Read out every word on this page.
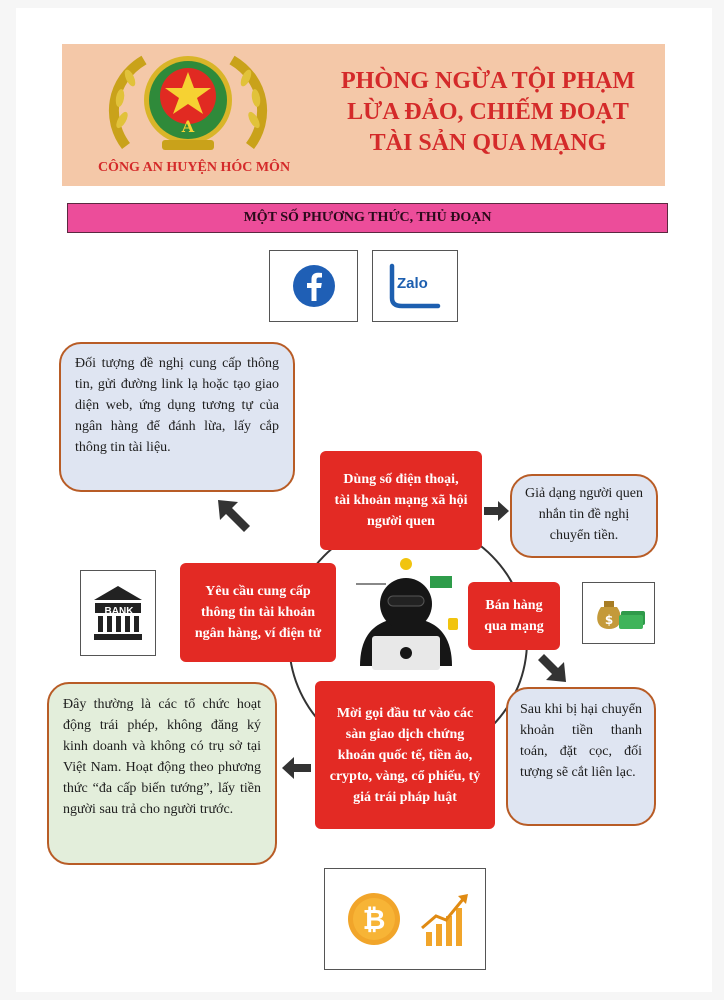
A
CÔNG AN HUYỆN HÓC MÔN
PHÒNG NGỪA TỘI PHẠM
LỪA ĐẢO, CHIẾM ĐOẠT
TÀI SẢN QUA MẠNG
MỘT SỐ PHƯƠNG THỨC, THỦ ĐOẠN
Zalo
Đối tượng đề nghị cung cấp thông tin, gửi đường link lạ hoặc tạo giao diện web, ứng dụng tương tự của ngân hàng để đánh lừa, lấy cắp thông tin tài liệu.
Dùng số điện thoại, tài khoản mạng xã hội người quen
Yêu cầu cung cấp thông tin tài khoản ngân hàng, ví điện tử
Bán hàng qua mạng
Mời gọi đầu tư vào các sàn giao dịch chứng khoán quốc tế, tiền ảo, crypto, vàng, cổ phiếu, tỷ giá trái pháp luật
Giả dạng người quen nhắn tin đề nghị chuyển tiền.
BANK
$
Sau khi bị hại chuyển khoản tiền thanh toán, đặt cọc, đối tượng sẽ cắt liên lạc.
Đây thường là các tổ chức hoạt động trái phép, không đăng ký kinh doanh và không có trụ sở tại Việt Nam. Hoạt động theo phương thức “đa cấp biến tướng”, lấy tiền người sau trả cho người trước.
₿
